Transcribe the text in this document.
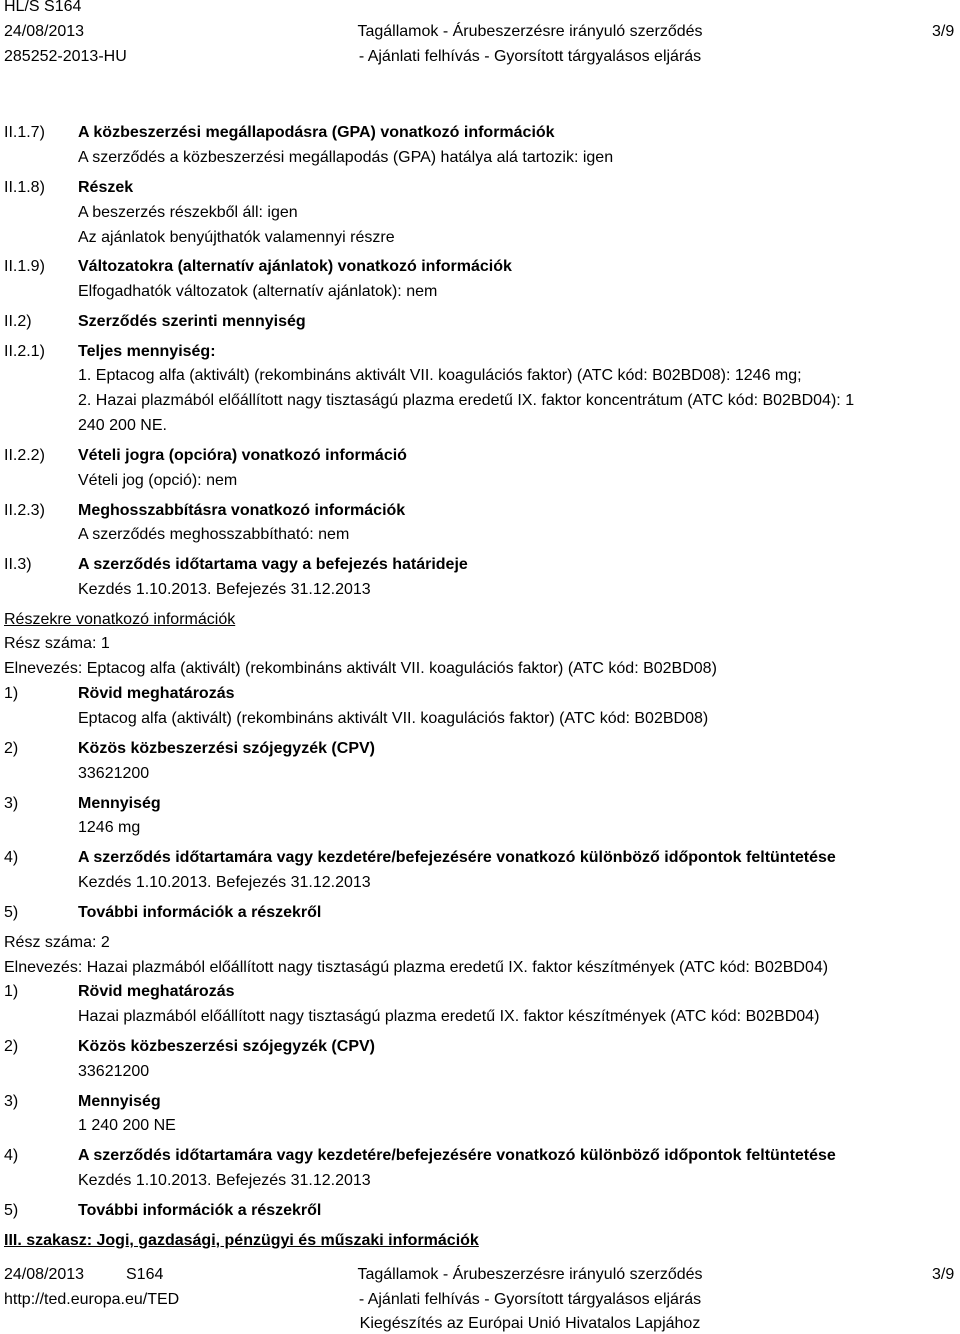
HL/S S164
24/08/2013
285252-2013-HU
Tagállamok - Árubeszerzésre irányuló szerződés
- Ajánlati felhívás - Gyorsított tárgyalásos eljárás
3/9
II.1.7) A közbeszerzési megállapodásra (GPA) vonatkozó információk
A szerződés a közbeszerzési megállapodás (GPA) hatálya alá tartozik: igen
II.1.8) Részek
A beszerzés részekből áll: igen
Az ajánlatok benyújthatók valamennyi részre
II.1.9) Változatokra (alternatív ajánlatok) vonatkozó információk
Elfogadhatók változatok (alternatív ajánlatok): nem
II.2)	Szerződés szerinti mennyiség
II.2.1) Teljes mennyiség:
1. Eptacog alfa (aktivált) (rekombináns aktivált VII. koagulációs faktor) (ATC kód: B02BD08): 1246 mg;
2. Hazai plazmából előállított nagy tisztaságú plazma eredetű IX. faktor koncentrátum (ATC kód: B02BD04): 1
240 200 NE.
II.2.2) Vételi jogra (opcióra) vonatkozó információ
Vételi jog (opció): nem
II.2.3) Meghosszabbításra vonatkozó információk
A szerződés meghosszabbítható: nem
II.3)	A szerződés időtartama vagy a befejezés határideje
Kezdés 1.10.2013. Befejezés 31.12.2013
Részekre vonatkozó információk
Rész száma: 1
Elnevezés: Eptacog alfa (aktivált) (rekombináns aktivált VII. koagulációs faktor) (ATC kód: B02BD08)
1)	Rövid meghatározás
Eptacog alfa (aktivált) (rekombináns aktivált VII. koagulációs faktor) (ATC kód: B02BD08)
2)	Közös közbeszerzési szójegyzék (CPV)
33621200
3)	Mennyiség
1246 mg
4)	A szerződés időtartamára vagy kezdetére/befejezésére vonatkozó különböző időpontok feltüntetése
Kezdés 1.10.2013. Befejezés 31.12.2013
5)	További információk a részekről
Rész száma: 2
Elnevezés: Hazai plazmából előállított nagy tisztaságú plazma eredetű IX. faktor készítmények (ATC kód: B02BD04)
1)	Rövid meghatározás
Hazai plazmából előállított nagy tisztaságú plazma eredetű IX. faktor készítmények (ATC kód: B02BD04)
2)	Közös közbeszerzési szójegyzék (CPV)
33621200
3)	Mennyiség
1 240 200 NE
4)	A szerződés időtartamára vagy kezdetére/befejezésére vonatkozó különböző időpontok feltüntetése
Kezdés 1.10.2013. Befejezés 31.12.2013
5)	További információk a részekről
III. szakasz: Jogi, gazdasági, pénzügyi és műszaki információk
24/08/2013	S164
http://ted.europa.eu/TED
Tagállamok - Árubeszerzésre irányuló szerződés
- Ajánlati felhívás - Gyorsított tárgyalásos eljárás
Kiegészítés az Európai Unió Hivatalos Lapjához
3/9
